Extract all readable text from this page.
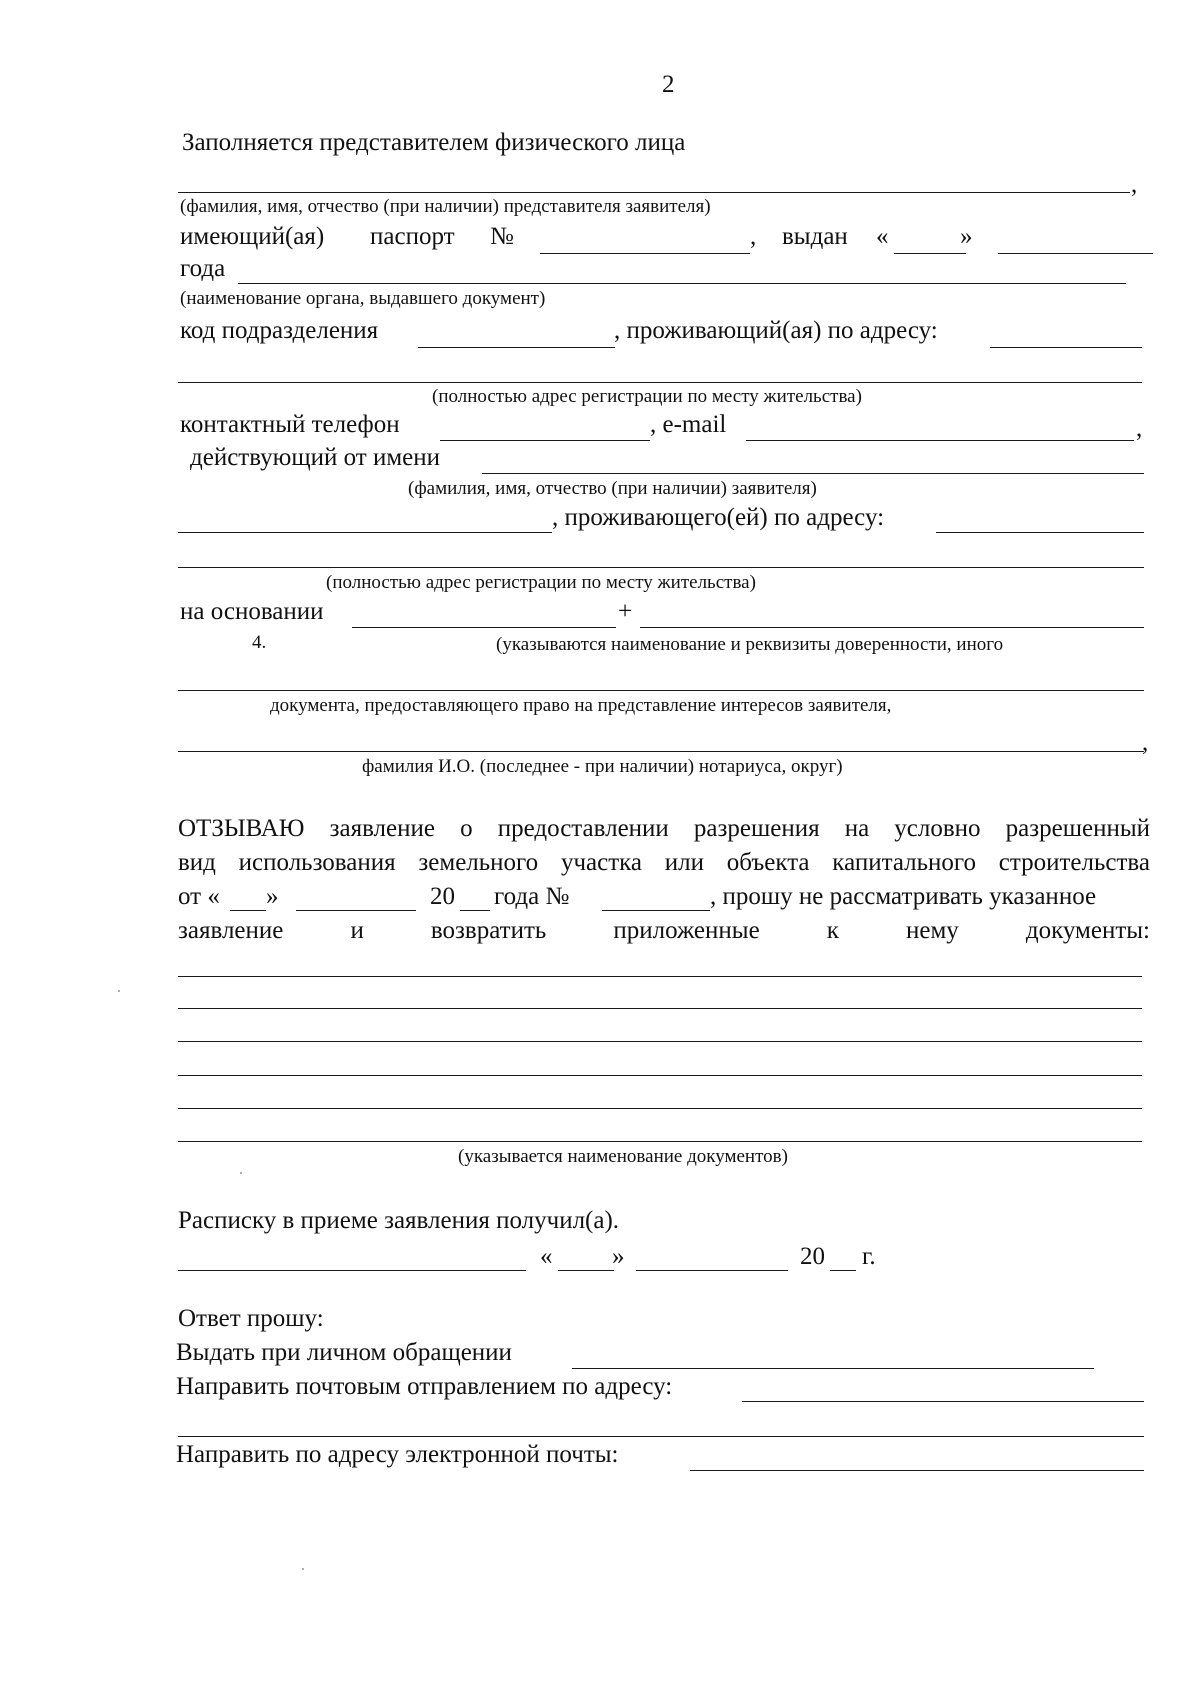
2
Заполняется представителем физического лица
,
(фамилия, имя, отчество (при наличии) представителя заявителя)
имеющий(ая) паспорт №	, выдан «	»
года
(наименование органа, выдавшего документ)
код подразделения	, проживающий(ая) по адресу:
(полностью адрес регистрации по месту жительства)
контактный телефон	, e-mail	,
действующий от имени
(фамилия, имя, отчество (при наличии) заявителя)
, проживающего(ей) по адресу:
(полностью адрес регистрации по месту жительства)
на основании	+
4.	(указываются наименование и реквизиты доверенности, иного
документа, предоставляющего право на представление интересов заявителя,
,
фамилия И.О. (последнее - при наличии) нотариуса, округ)
ОТЗЫВАЮ заявление о предоставлении разрешения на условно разрешенный
вид использования земельного участка или объекта капитального строительства
от « »	20 года №	, прошу не рассматривать указанное
заявление и возвратить приложенные к нему документы:
(указывается наименование документов)
Расписку в приеме заявления получил(а).
« »	20 г.
Ответ прошу:
Выдать при личном обращении
Направить почтовым отправлением по адресу:
Направить по адресу электронной почты:
